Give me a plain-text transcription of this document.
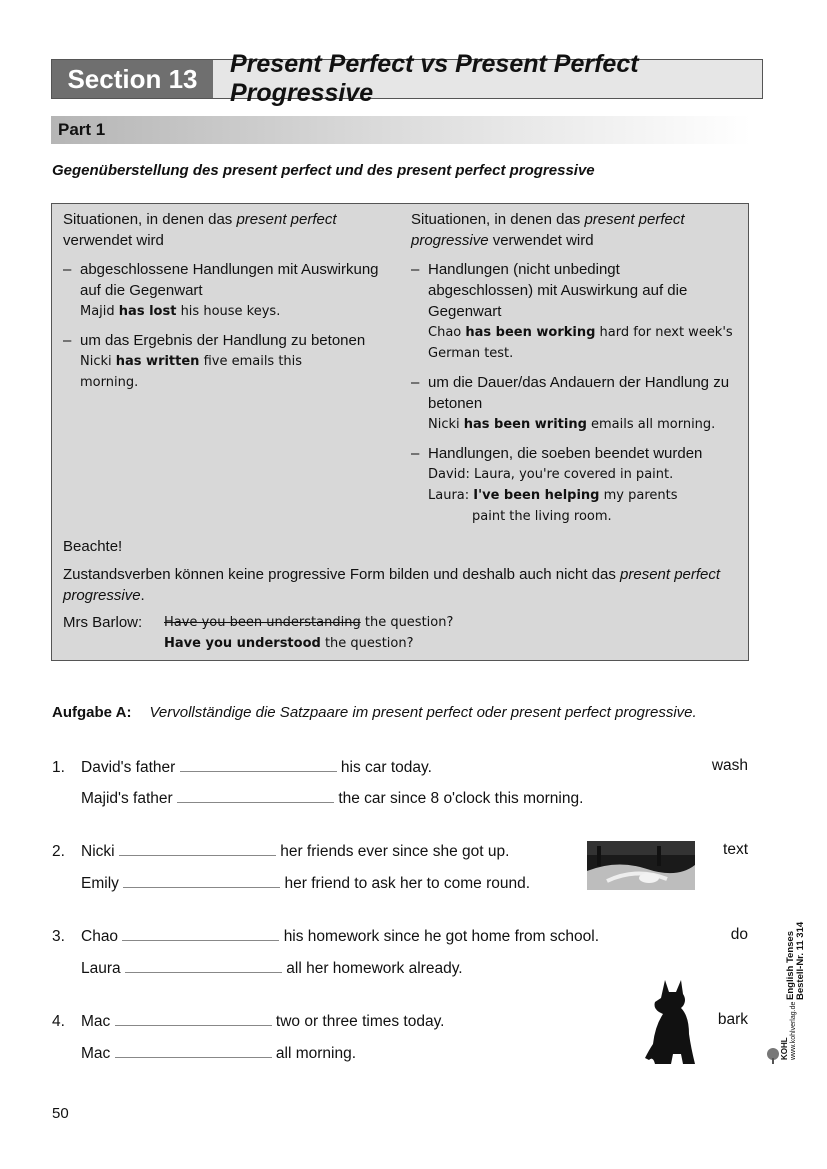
Section 13	Present Perfect vs Present Perfect Progressive
Part 1
Gegenüberstellung des present perfect und des present perfect progressive

Situationen, in denen das present perfect
verwendet wird

– abgeschlossene Handlungen mit Auswirkung auf die Gegenwart
Majid has lost his house keys.
– um das Ergebnis der Handlung zu betonen
Nicki has written five emails this morning.

Situationen, in denen das present perfect progressive verwendet wird

– Handlungen (nicht unbedingt abgeschlossen) mit Auswirkung auf die Gegenwart
Chao has been working hard for next week's German test.
– um die Dauer/das Andauern der Handlung zu betonen
Nicki has been writing emails all morning.
– Handlungen, die soeben beendet wurden
David: Laura, you're covered in paint.
Laura: I've been helping my parents
paint the living room.

Beachte!

Zustandsverben können keine progressive Form bilden und deshalb auch nicht das present perfect progressive.

Mrs Barlow:	Have you been understanding the question?
Have you understood the question?
Aufgabe A: Vervollständige die Satzpaare im present perfect oder present perfect progressive.
1. David's father	his car today.	wash
Majid's father	the car since 8 o'clock this morning.
2. Nicki	her friends ever since she got up.	text
Emily	her friend to ask her to come round.
3. Chao	his homework since he got home from school.	do
Laura	all her homework already.
4. Mac	two or three times today.	bark
Mac	all morning.
English Tenses
Bestell-Nr. 11 314
KOHL
www.kohlverlag.de
50
